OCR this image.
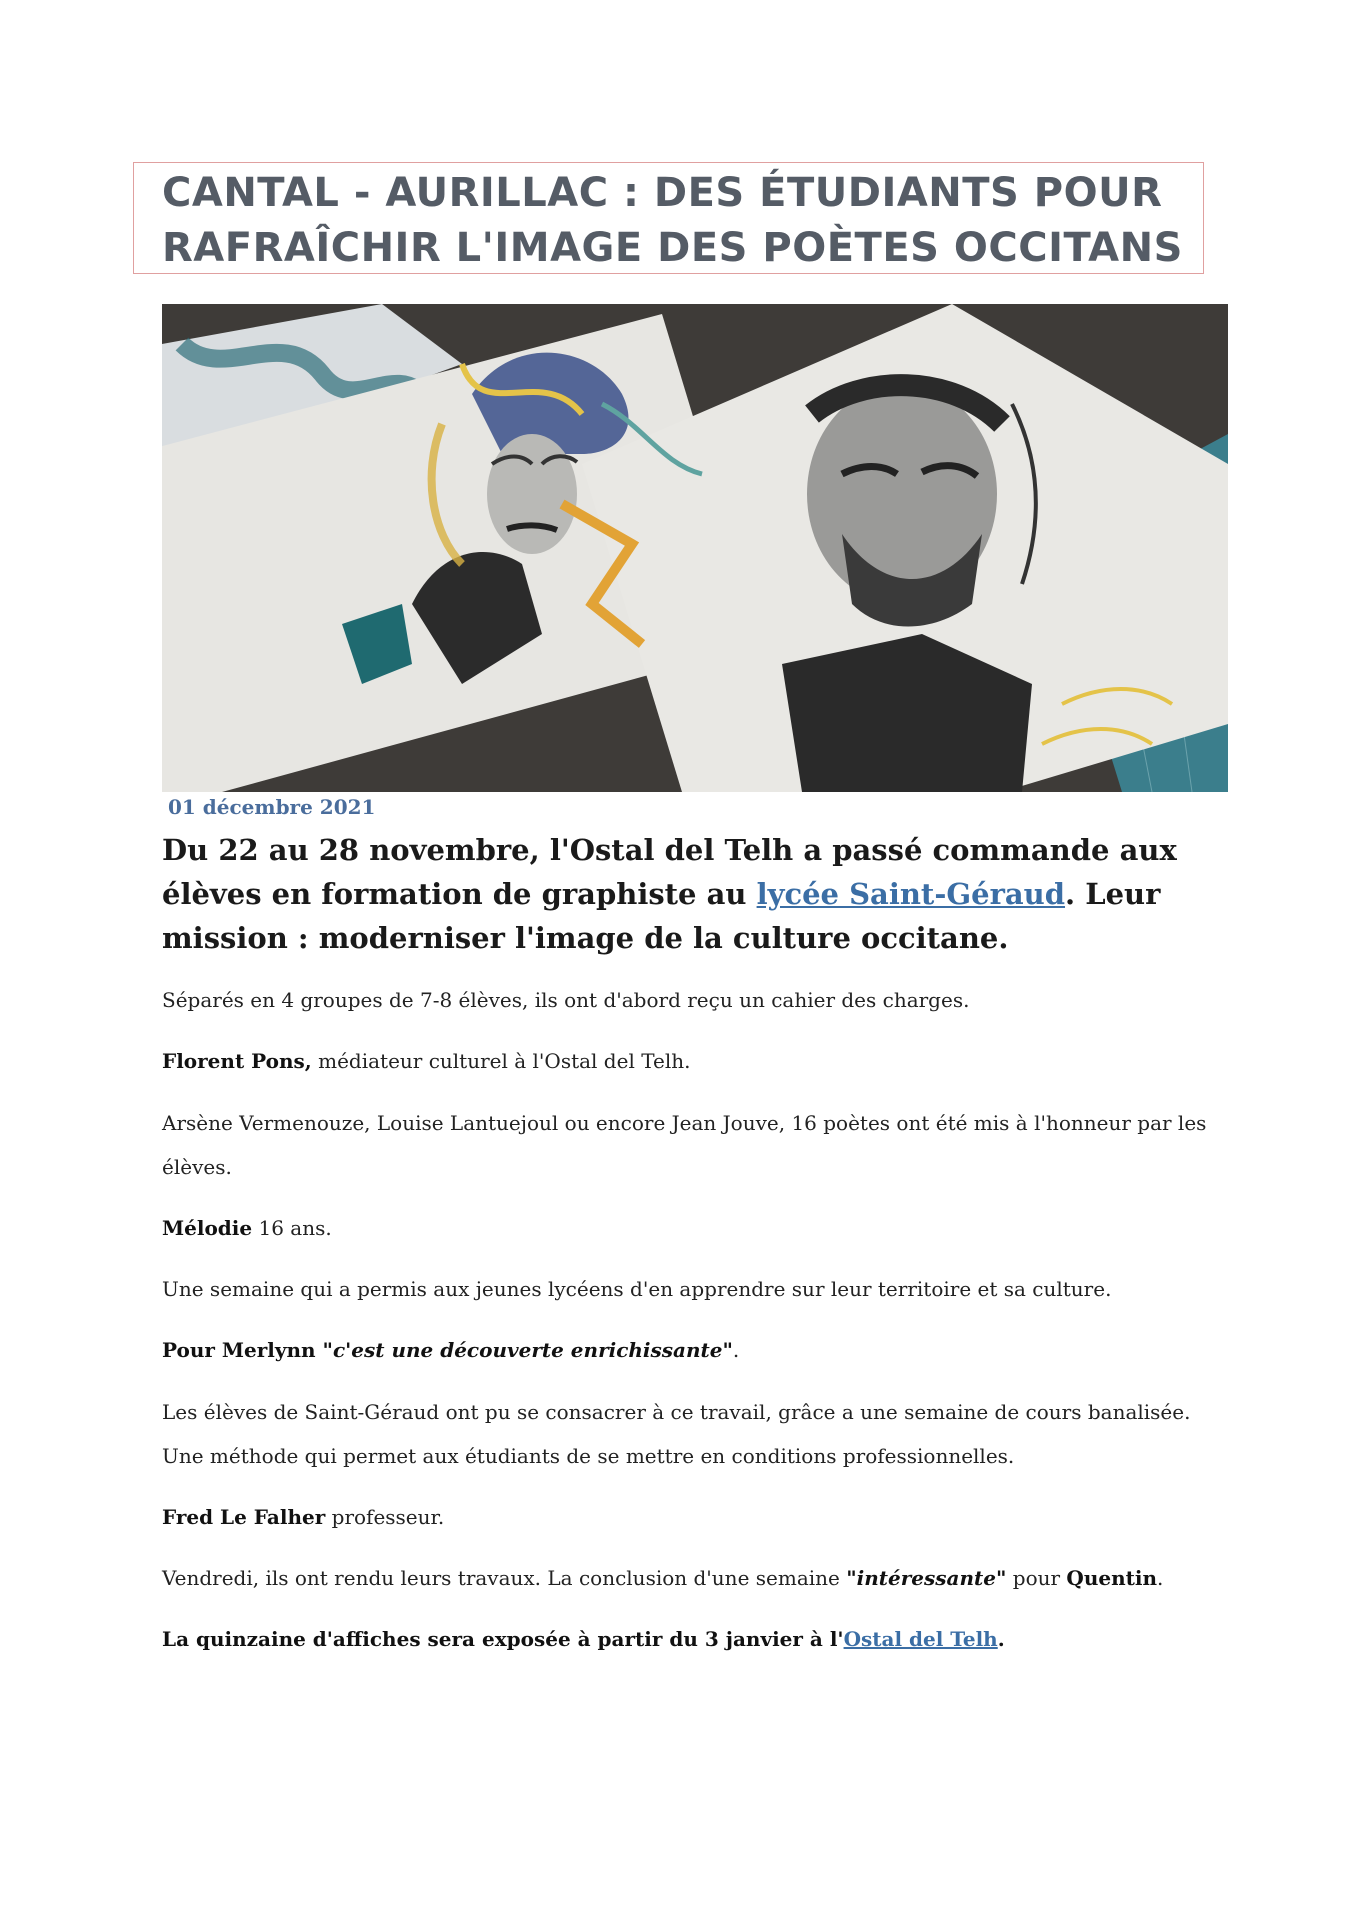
CANTAL - AURILLAC : DES ÉTUDIANTS POUR RAFRAÎCHIR L'IMAGE DES POÈTES OCCITANS
01 décembre 2021

Du 22 au 28 novembre, l'Ostal del Telh a passé commande aux élèves en formation de graphiste au lycée Saint-Géraud. Leur mission : moderniser l'image de la culture occitane.

Séparés en 4 groupes de 7-8 élèves, ils ont d'abord reçu un cahier des charges.

Florent Pons, médiateur culturel à l'Ostal del Telh.

Arsène Vermenouze, Louise Lantuejoul ou encore Jean Jouve, 16 poètes ont été mis à l'honneur par les élèves.

Mélodie 16 ans.

Une semaine qui a permis aux jeunes lycéens d'en apprendre sur leur territoire et sa culture.

Pour Merlynn "c'est une découverte enrichissante".

Les élèves de Saint-Géraud ont pu se consacrer à ce travail, grâce a une semaine de cours banalisée. Une méthode qui permet aux étudiants de se mettre en conditions professionnelles.

Fred Le Falher professeur.

Vendredi, ils ont rendu leurs travaux. La conclusion d'une semaine "intéressante" pour Quentin.

La quinzaine d'affiches sera exposée à partir du 3 janvier à l'Ostal del Telh.
